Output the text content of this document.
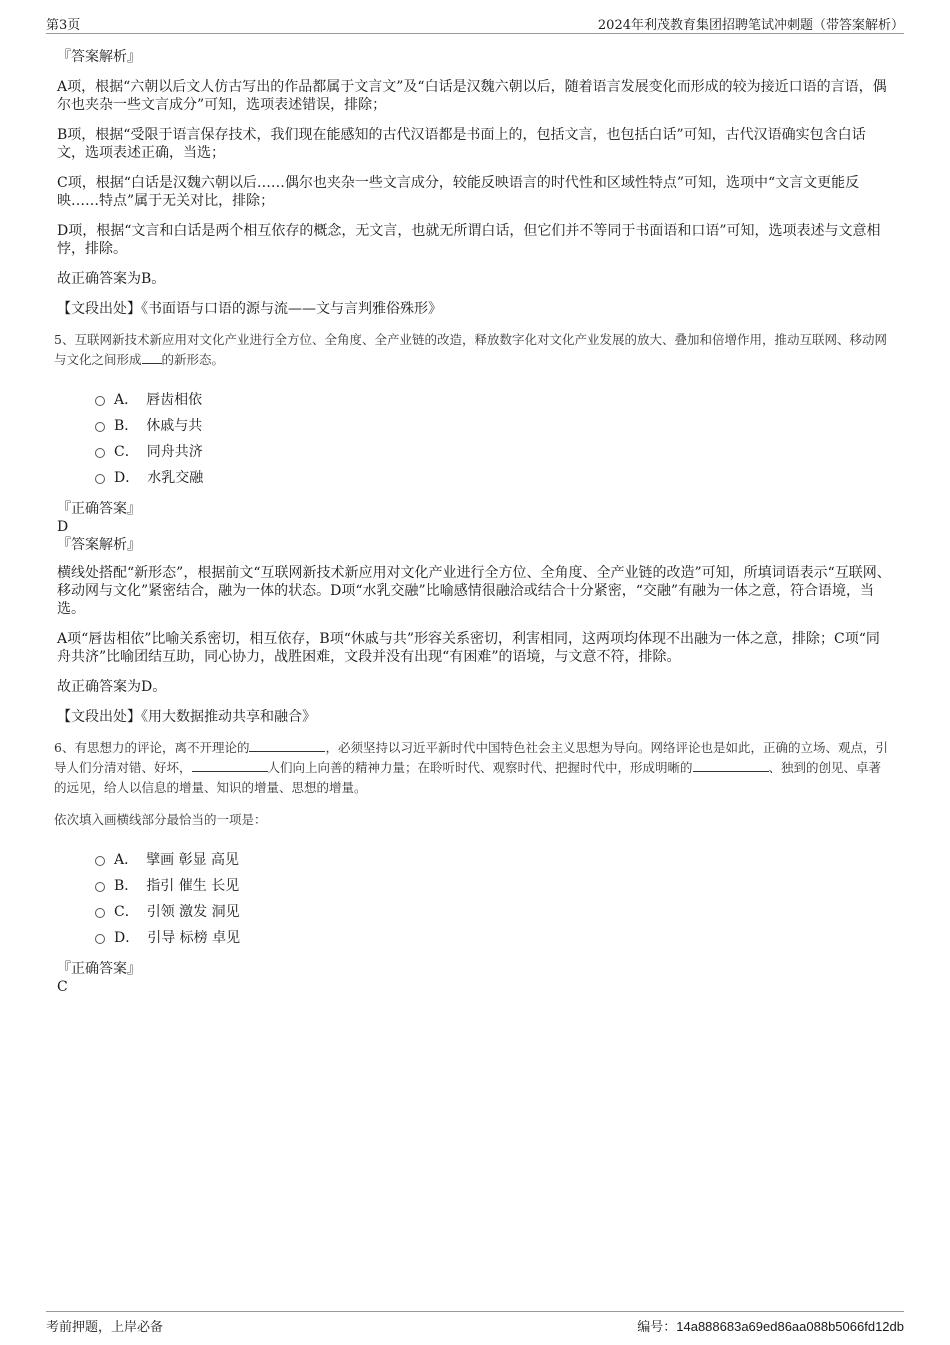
第3页	2024年利茂教育集团招聘笔试冲刺题（带答案解析）
『答案解析』
A项，根据“六朝以后文人仿古写出的作品都属于文言文”及“白话是汉魏六朝以后，随着语言发展变化而形成的较为接近口语的言语，偶尔也夹杂一些文言成分”可知，选项表述错误，排除；
B项，根据“受限于语言保存技术，我们现在能感知的古代汉语都是书面上的，包括文言，也包括白话”可知，古代汉语确实包含白话文，选项表述正确，当选；
C项，根据“白话是汉魏六朝以后……偶尔也夹杂一些文言成分，较能反映语言的时代性和区域性特点”可知，选项中“文言文更能反映……特点”属于无关对比，排除；
D项，根据“文言和白话是两个相互依存的概念，无文言，也就无所谓白话，但它们并不等同于书面语和口语”可知，选项表述与文意相悖，排除。
故正确答案为B。
【文段出处】《书面语与口语的源与流——文与言判雅俗殊形》
5、互联网新技术新应用对文化产业进行全方位、全角度、全产业链的改造，释放数字化对文化产业发展的放大、叠加和倍增作用，推动互联网、移动网与文化之间形成 的新形态。
A． 唇齿相依
B． 休戚与共
C． 同舟共济
D． 水乳交融
『正确答案』
D
『答案解析』
横线处搭配“新形态”，根据前文“互联网新技术新应用对文化产业进行全方位、全角度、全产业链的改造”可知，所填词语表示“互联网、移动网与文化”紧密结合，融为一体的状态。D项“水乳交融”比喻感情很融洽或结合十分紧密，“交融”有融为一体之意，符合语境，当选。
A项“唇齿相依”比喻关系密切，相互依存，B项“休戚与共”形容关系密切，利害相同，这两项均体现不出融为一体之意，排除；C项“同舟共济”比喻团结互助，同心协力，战胜困难，文段并没有出现“有困难”的语境，与文意不符，排除。
故正确答案为D。
【文段出处】《用大数据推动共享和融合》
6、有思想力的评论，离不开理论的	，必须坚持以习近平新时代中国特色社会主义思想为导向。网络评论也是如此，正确的立场、观点，引导人们分清对错、好坏，	人们向上向善的精神力量；在聆听时代、观察时代、把握时代中，形成明晰的	、独到的创见、卓著的远见，给人以信息的增量、知识的增量、思想的增量。
依次填入画横线部分最恰当的一项是：
A． 擘画 彰显 高见
B． 指引 催生 长见
C． 引领 激发 洞见
D． 引导 标榜 卓见
『正确答案』
C
考前押题，上岸必备	编号：14a888683a69ed86aa088b5066fd12db
